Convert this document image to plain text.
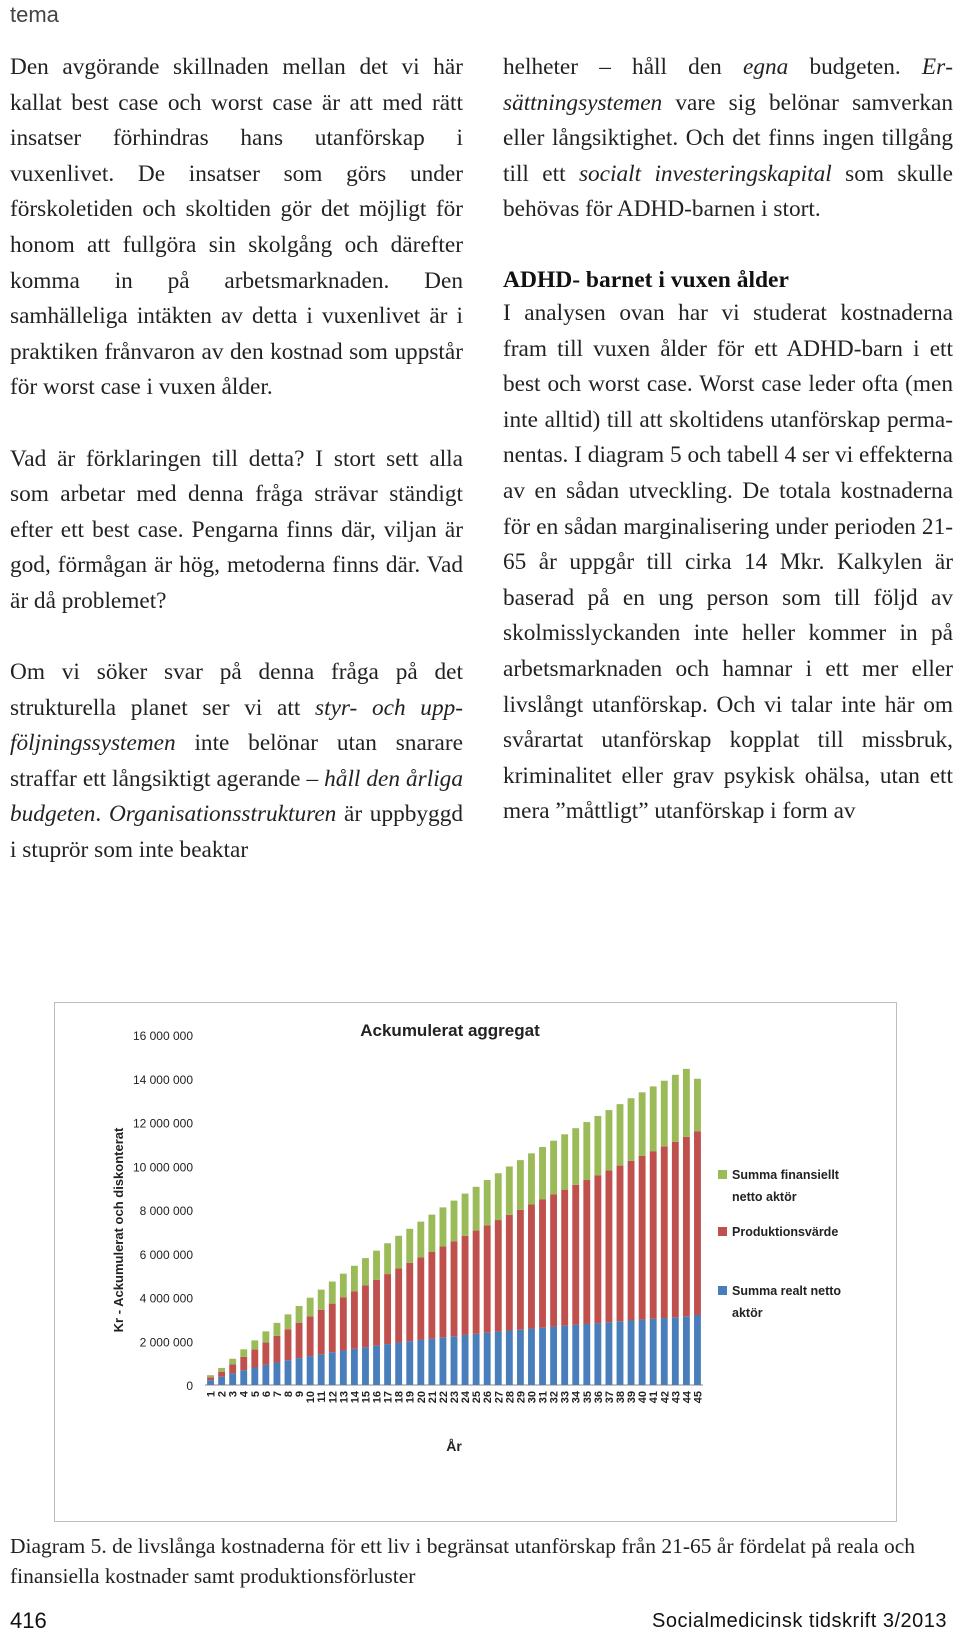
tema

Den avgörande skillnaden mellan det vi här kallat best case och worst case är att med rätt insatser förhindras hans utanförskap i vuxenlivet. De insatser som görs under förskoletiden och skoltiden gör det möjligt för honom att fullgöra sin skolgång och därefter komma in på arbetsmarknaden. Den samhälleliga intäkten av detta i vuxenlivet är i praktiken frånvaron av den kostnad som uppstår för worst case i vuxen ålder.

Vad är förklaringen till detta? I stort sett alla som arbetar med denna fråga strävar ständigt efter ett best case. Pengarna finns där, viljan är god, förmågan är hög, metoderna finns där. Vad är då problemet?

Om vi söker svar på denna fråga på det strukturella planet ser vi att styr- och uppföljningssystemen inte belönar utan snarare straffar ett långsiktigt agerande – håll den årliga budgeten. Organisationsstrukturen är uppbyggd i stuprör som inte beaktar

helheter – håll den egna budgeten. Ersättningsystemen vare sig belönar samverkan eller långsiktighet. Och det finns ingen tillgång till ett socialt investeringskapital som skulle behövas för ADHD-barnen i stort.

ADHD- barnet i vuxen ålder

I analysen ovan har vi studerat kostnaderna fram till vuxen ålder för ett ADHD-barn i ett best och worst case. Worst case leder ofta (men inte alltid) till att skoltidens utanförskap permanentas. I diagram 5 och tabell 4 ser vi effekterna av en sådan utveckling. De totala kostnaderna för en sådan marginalisering under perioden 21- 65 år uppgår till cirka 14 Mkr. Kalkylen är baserad på en ung person som till följd av skolmisslyckanden inte heller kommer in på arbetsmarknaden och hamnar i ett mer eller livslångt utanförskap. Och vi talar inte här om svårartat utanförskap kopplat till missbruk, kriminalitet eller grav psykisk ohälsa, utan ett mera ”måttligt” utanförskap i form av

Ackumulerat aggregat
0
2 000 000
4 000 000
6 000 000
8 000 000
10 000 000
12 000 000
14 000 000
16 000 000
Kr - Ackumulerat och diskonterat
1 2 3 4 5 6 7 8 9 10 11 12 13 14 15 16 17 18 19 20 21 22 23 24 25 26 27 28 29 30 31 32 33 34 35 36 37 38 39 40 41 42 43 44 45
År
Summa finansiellt netto aktör
Produktionsvärde
Summa realt netto aktör
Diagram 5. de livslånga kostnaderna för ett liv i begränsat utanförskap från 21-65 år fördelat på reala och finansiella kostnader samt produktionsförluster
416	Socialmedicinsk tidskrift 3/2013
